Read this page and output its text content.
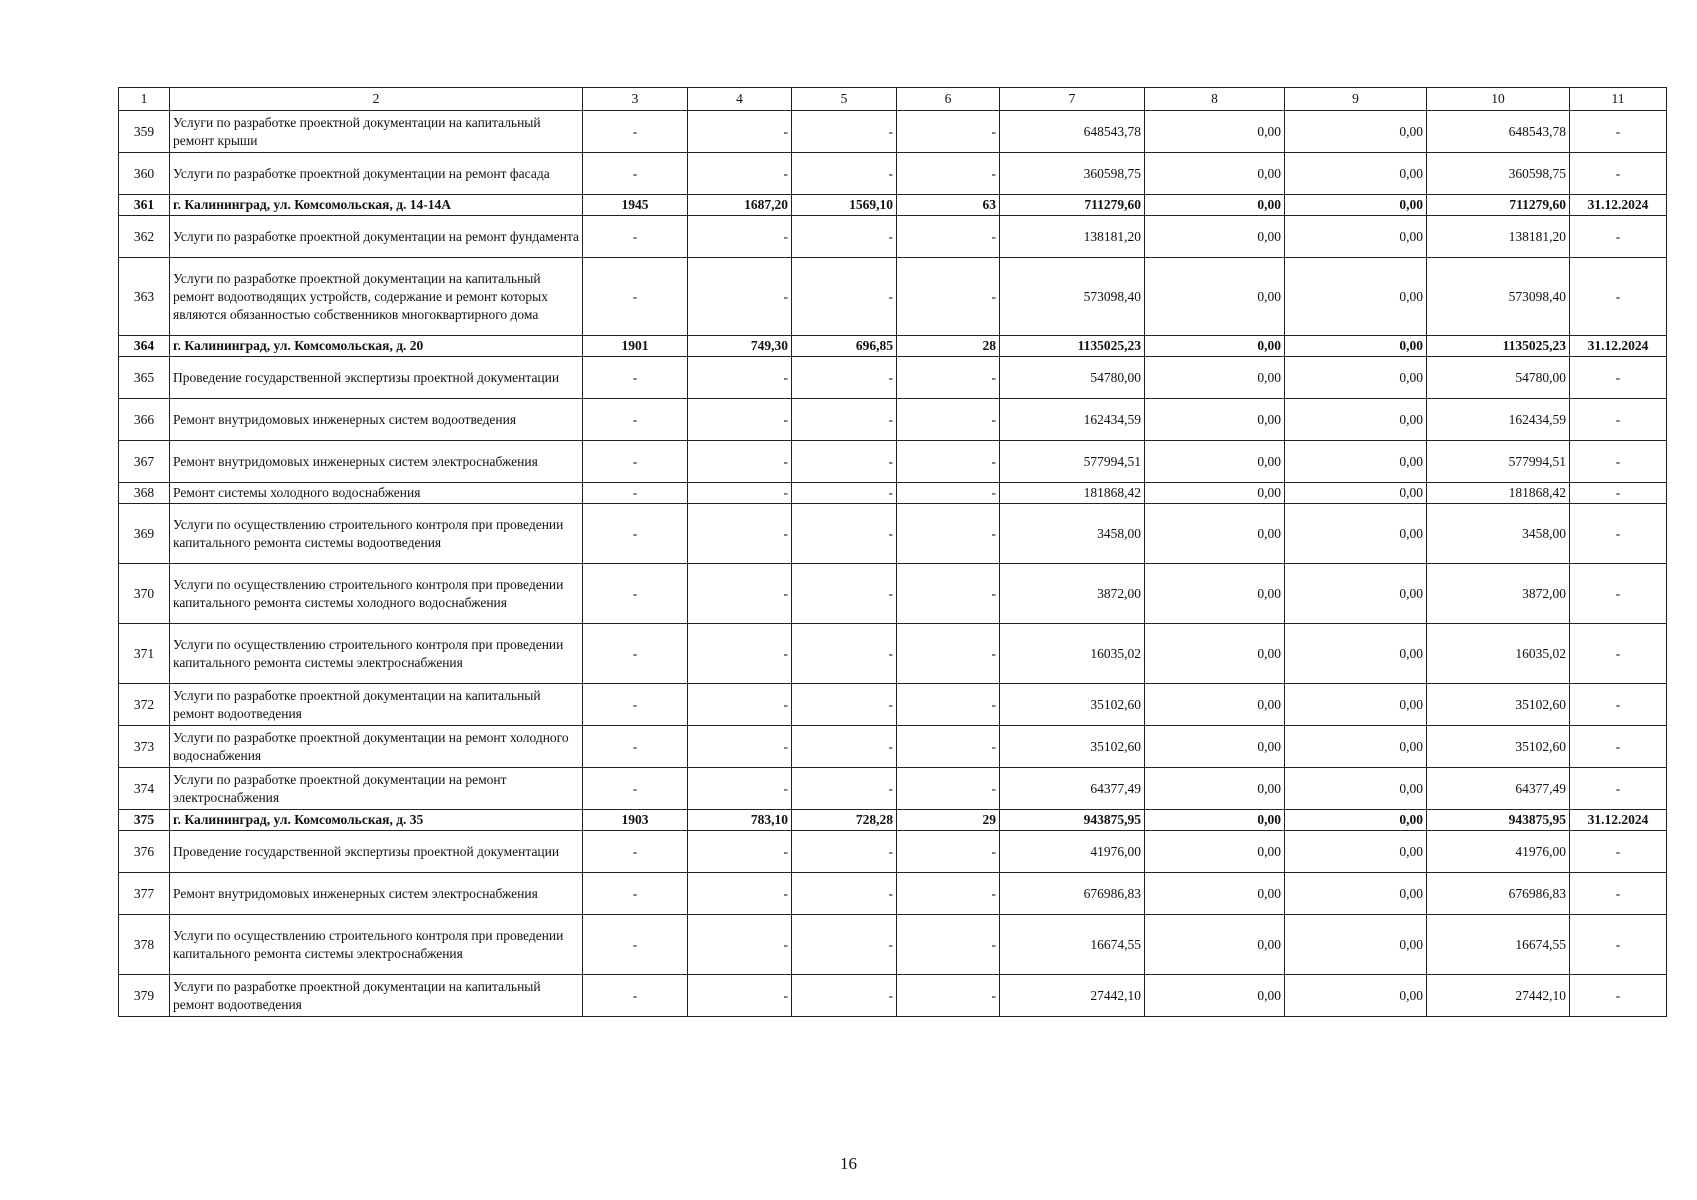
1	2	3	4	5	6	7	8	9	10	11
359	Услуги по разработке проектной документации на капитальный ремонт крыши	-	-	-	-	648543,78	0,00	0,00	648543,78	-
360	Услуги по разработке проектной документации на ремонт фасада	-	-	-	-	360598,75	0,00	0,00	360598,75	-
361	г. Калининград, ул. Комсомольская, д. 14-14А	1945	1687,20	1569,10	63	711279,60	0,00	0,00	711279,60	31.12.2024
362	Услуги по разработке проектной документации на ремонт фундамента	-	-	-	-	138181,20	0,00	0,00	138181,20	-
363	Услуги по разработке проектной документации на капитальный ремонт водоотводящих устройств, содержание и ремонт которых являются обязанностью собственников многоквартирного дома	-	-	-	-	573098,40	0,00	0,00	573098,40	-
364	г. Калининград, ул. Комсомольская, д. 20	1901	749,30	696,85	28	1135025,23	0,00	0,00	1135025,23	31.12.2024
365	Проведение государственной экспертизы проектной документации	-	-	-	-	54780,00	0,00	0,00	54780,00	-
366	Ремонт внутридомовых инженерных систем водоотведения	-	-	-	-	162434,59	0,00	0,00	162434,59	-
367	Ремонт внутридомовых инженерных систем электроснабжения	-	-	-	-	577994,51	0,00	0,00	577994,51	-
368	Ремонт системы холодного водоснабжения	-	-	-	-	181868,42	0,00	0,00	181868,42	-
369	Услуги по осуществлению строительного контроля при проведении капитального ремонта системы водоотведения	-	-	-	-	3458,00	0,00	0,00	3458,00	-
370	Услуги по осуществлению строительного контроля при проведении капитального ремонта системы холодного водоснабжения	-	-	-	-	3872,00	0,00	0,00	3872,00	-
371	Услуги по осуществлению строительного контроля при проведении капитального ремонта системы электроснабжения	-	-	-	-	16035,02	0,00	0,00	16035,02	-
372	Услуги по разработке проектной документации на капитальный ремонт водоотведения	-	-	-	-	35102,60	0,00	0,00	35102,60	-
373	Услуги по разработке проектной документации на ремонт холодного водоснабжения	-	-	-	-	35102,60	0,00	0,00	35102,60	-
374	Услуги по разработке проектной документации на ремонт электроснабжения	-	-	-	-	64377,49	0,00	0,00	64377,49	-
375	г. Калининград, ул. Комсомольская, д. 35	1903	783,10	728,28	29	943875,95	0,00	0,00	943875,95	31.12.2024
376	Проведение государственной экспертизы проектной документации	-	-	-	-	41976,00	0,00	0,00	41976,00	-
377	Ремонт внутридомовых инженерных систем электроснабжения	-	-	-	-	676986,83	0,00	0,00	676986,83	-
378	Услуги по осуществлению строительного контроля при проведении капитального ремонта системы электроснабжения	-	-	-	-	16674,55	0,00	0,00	16674,55	-
379	Услуги по разработке проектной документации на капитальный ремонт водоотведения	-	-	-	-	27442,10	0,00	0,00	27442,10	-
16
